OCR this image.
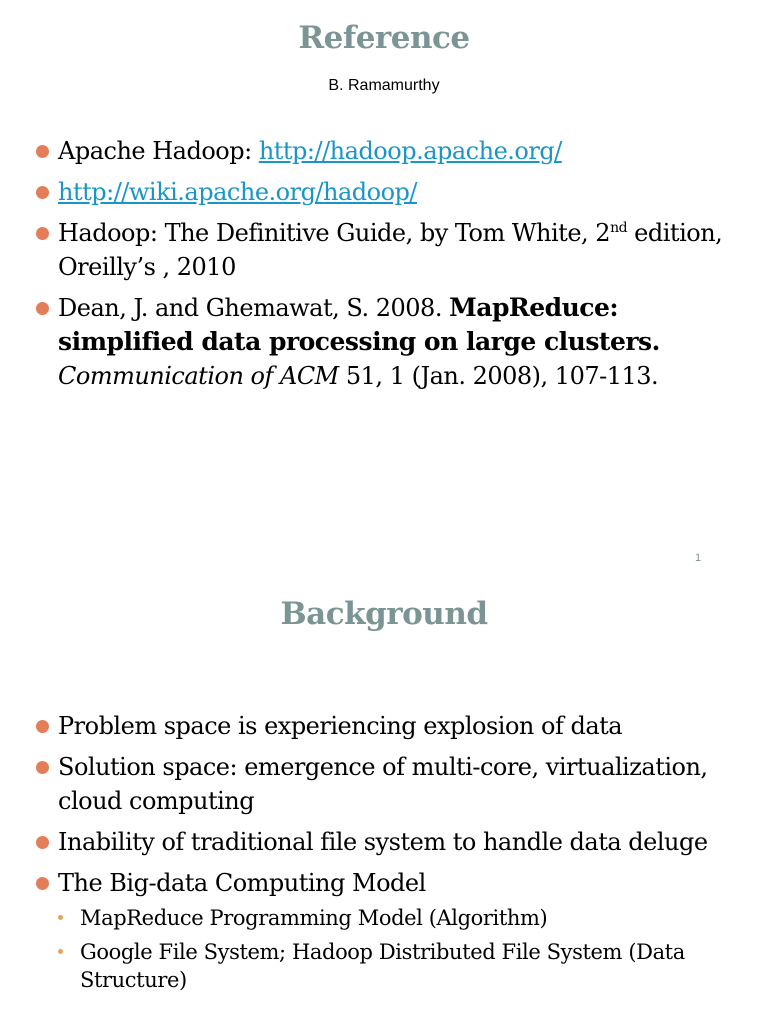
Reference
B. Ramamurthy
Apache Hadoop: http://hadoop.apache.org/
http://wiki.apache.org/hadoop/
Hadoop: The Definitive Guide, by Tom White, 2nd edition, Oreilly’s , 2010
Dean, J. and Ghemawat, S. 2008. MapReduce: simplified data processing on large clusters. Communication of ACM 51, 1 (Jan. 2008), 107-113.
1
Background
Problem space is experiencing explosion of data
Solution space: emergence of multi-core, virtualization, cloud computing
Inability of traditional file system to handle data deluge
The Big-data Computing Model
MapReduce Programming Model (Algorithm)
Google File System; Hadoop Distributed File System (Data Structure)
